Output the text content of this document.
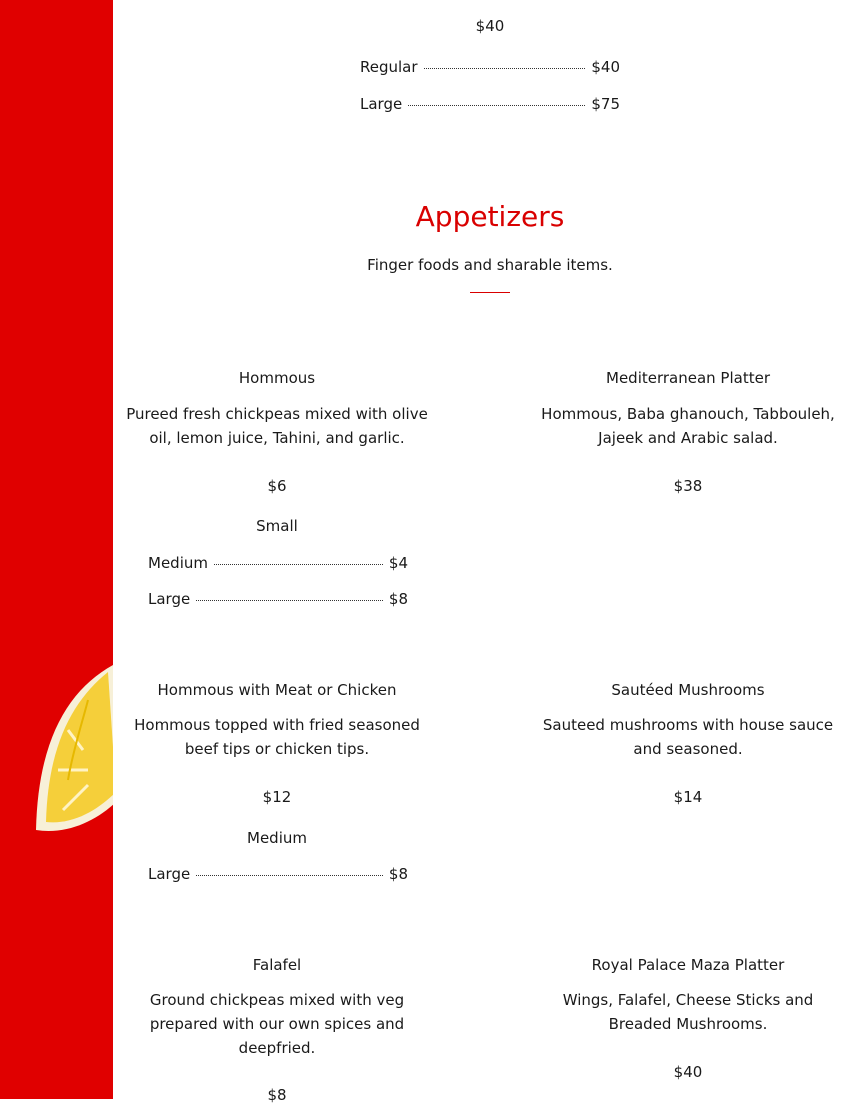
$40
Regular	$40
Large	$75
Appetizers
Finger foods and sharable items.
Hommous
Pureed fresh chickpeas mixed with olive oil, lemon juice, Tahini, and garlic.
$6
Small
Medium	$4
Large	$8
Mediterranean Platter
Hommous, Baba ghanouch, Tabbouleh, Jajeek and Arabic salad.
$38
Hommous with Meat or Chicken
Hommous topped with fried seasoned beef tips or chicken tips.
$12
Medium
Large	$8
Sautéed Mushrooms
Sauteed mushrooms with house sauce and seasoned.
$14
Falafel
Ground chickpeas mixed with veg prepared with our own spices and deepfried.
$8
Royal Palace Maza Platter
Wings, Falafel, Cheese Sticks and Breaded Mushrooms.
$40
